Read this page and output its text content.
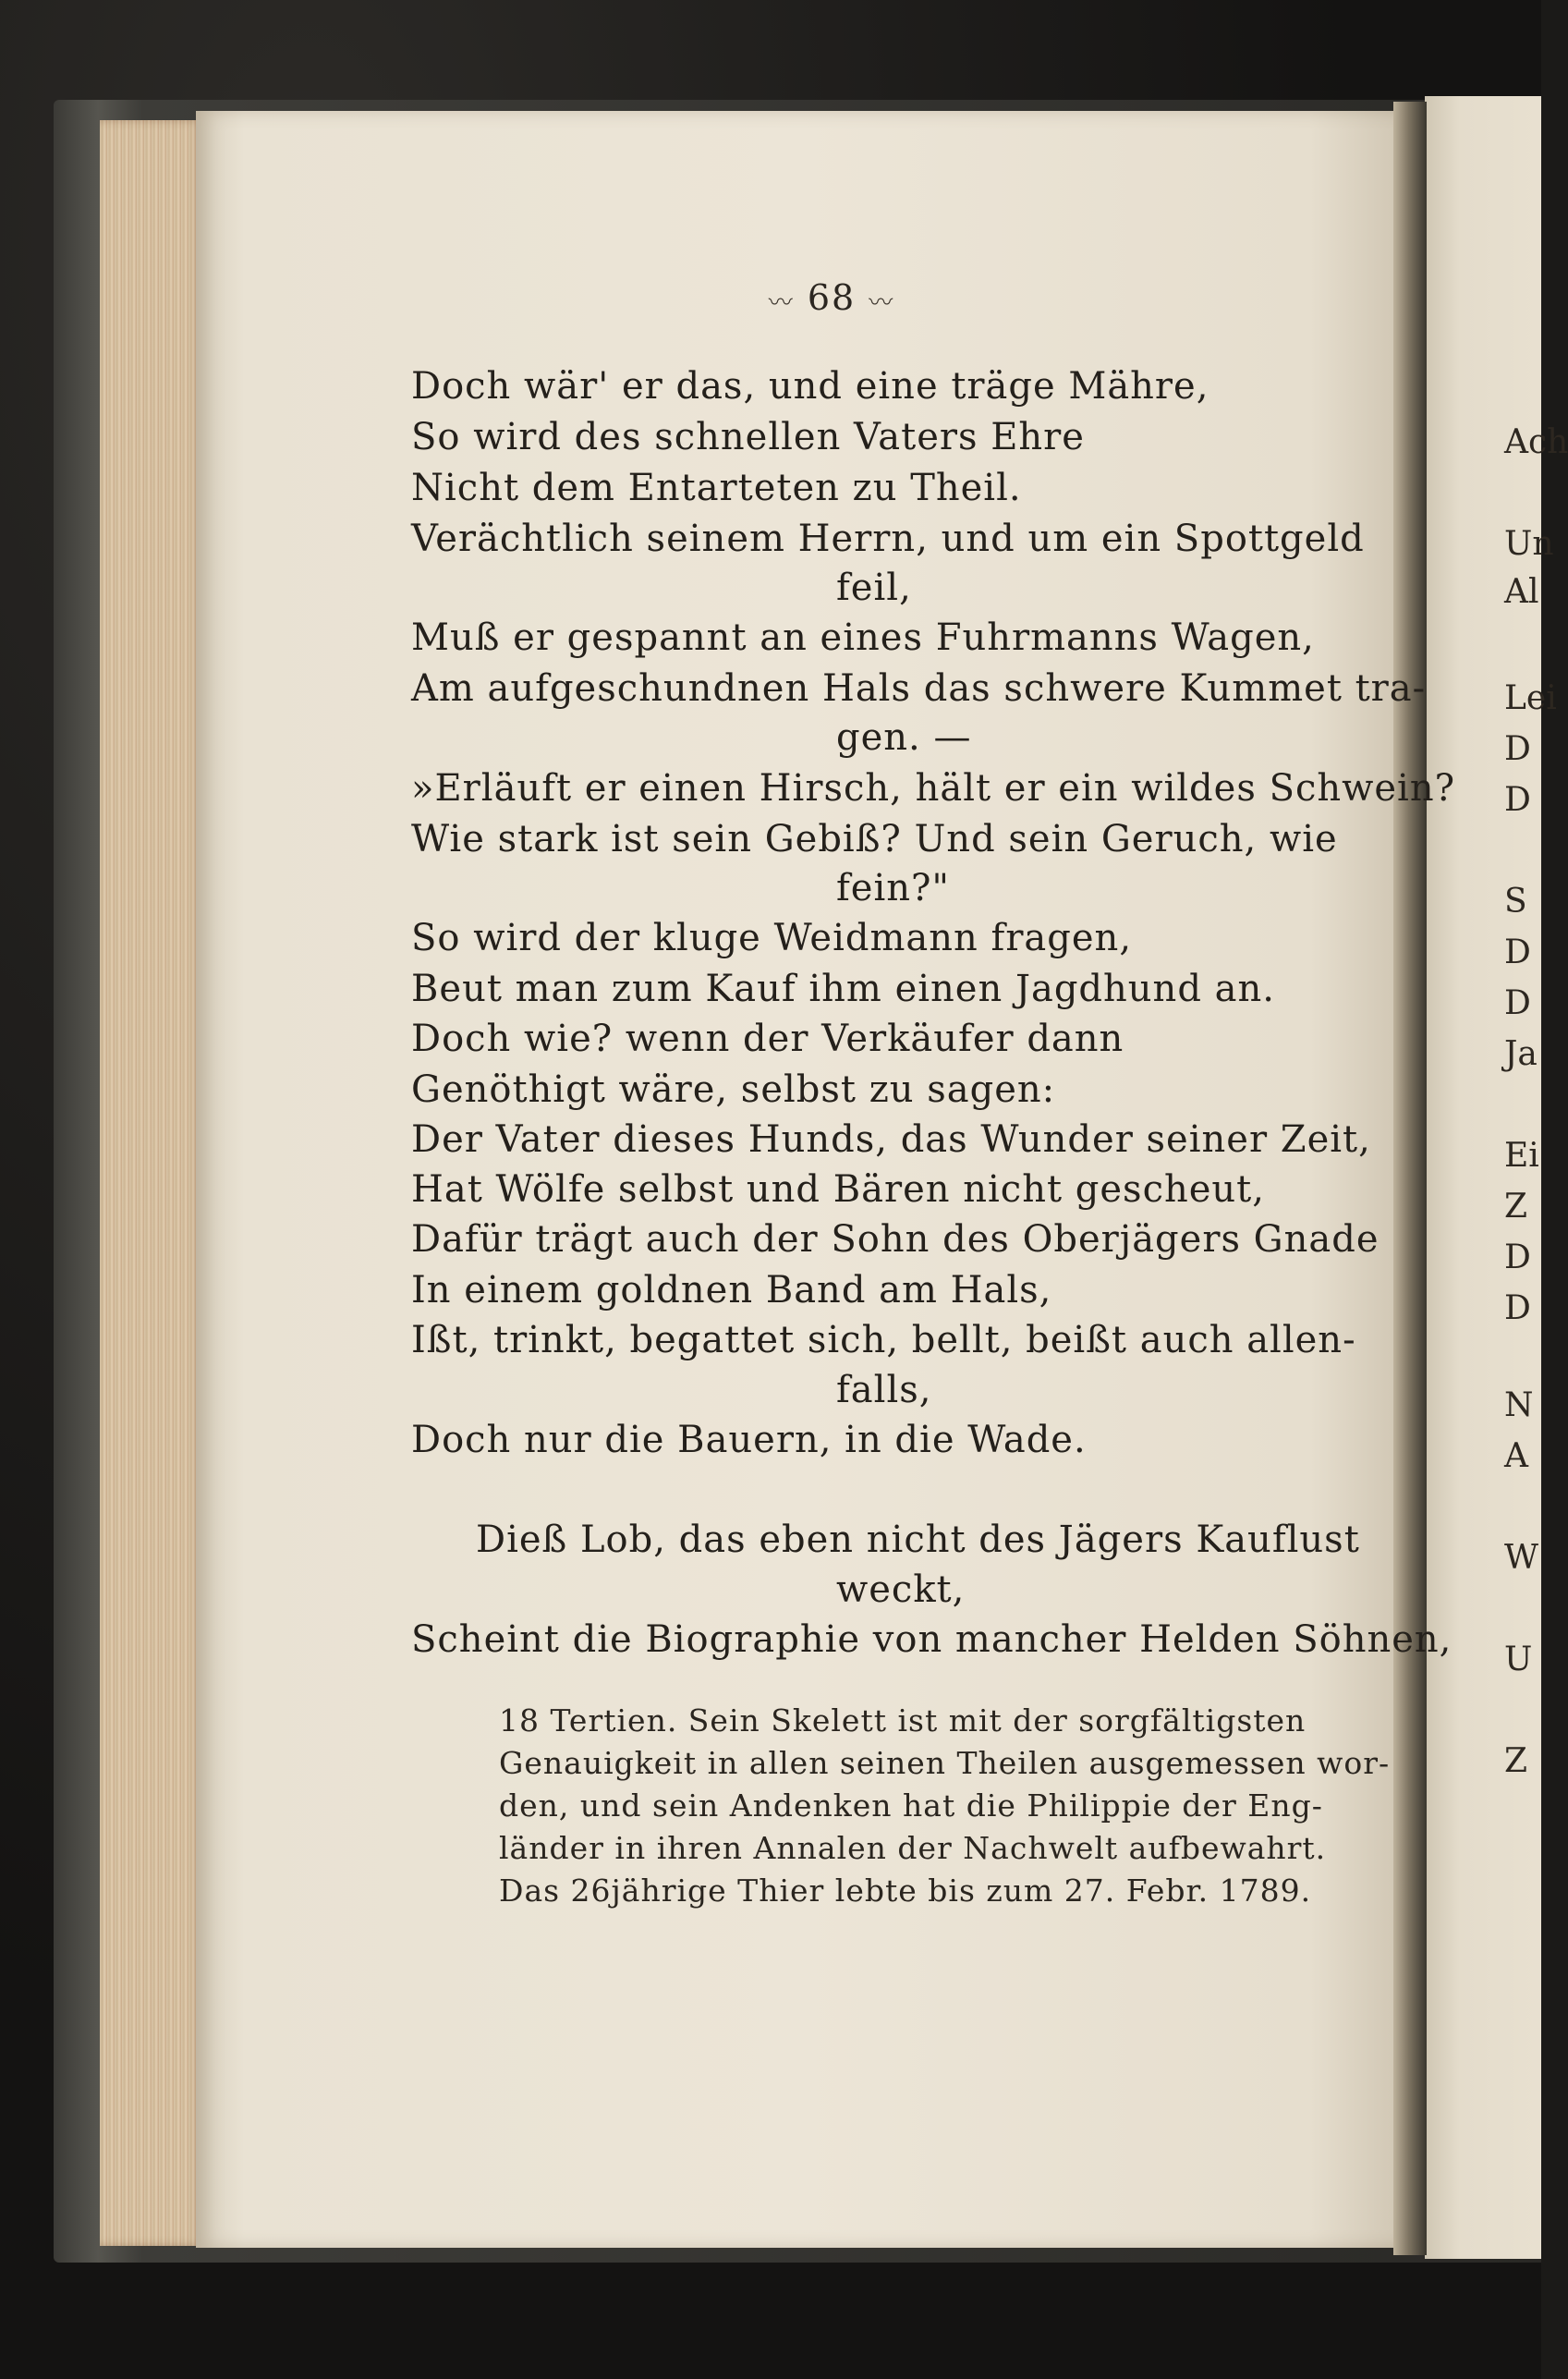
Ach
Un
Al
Lei
D
D
S
D
D
Ja
Ei
Z
D
D
N
A
W
U
Z
〰 68 〰
Doch wär' er das, und eine träge Mähre,
So wird des schnellen Vaters Ehre
Nicht dem Entarteten zu Theil.
Verächtlich seinem Herrn, und um ein Spottgeld
feil,
Muß er gespannt an eines Fuhrmanns Wagen,
Am aufgeschundnen Hals das schwere Kummet tra-
gen. —
»Erläuft er einen Hirsch, hält er ein wildes Schwein?
Wie stark ist sein Gebiß? Und sein Geruch, wie
fein?"
So wird der kluge Weidmann fragen,
Beut man zum Kauf ihm einen Jagdhund an.
Doch wie? wenn der Verkäufer dann
Genöthigt wäre, selbst zu sagen:
Der Vater dieses Hunds, das Wunder seiner Zeit,
Hat Wölfe selbst und Bären nicht gescheut,
Dafür trägt auch der Sohn des Oberjägers Gnade
In einem goldnen Band am Hals,
Ißt, trinkt, begattet sich, bellt, beißt auch allen-
falls,
Doch nur die Bauern, in die Wade.
Dieß Lob, das eben nicht des Jägers Kauflust
weckt,
Scheint die Biographie von mancher Helden Söhnen,
18 Tertien. Sein Skelett ist mit der sorgfältigsten
Genauigkeit in allen seinen Theilen ausgemessen wor-
den, und sein Andenken hat die Philippie der Eng-
länder in ihren Annalen der Nachwelt aufbewahrt.
Das 26jährige Thier lebte bis zum 27. Febr. 1789.
